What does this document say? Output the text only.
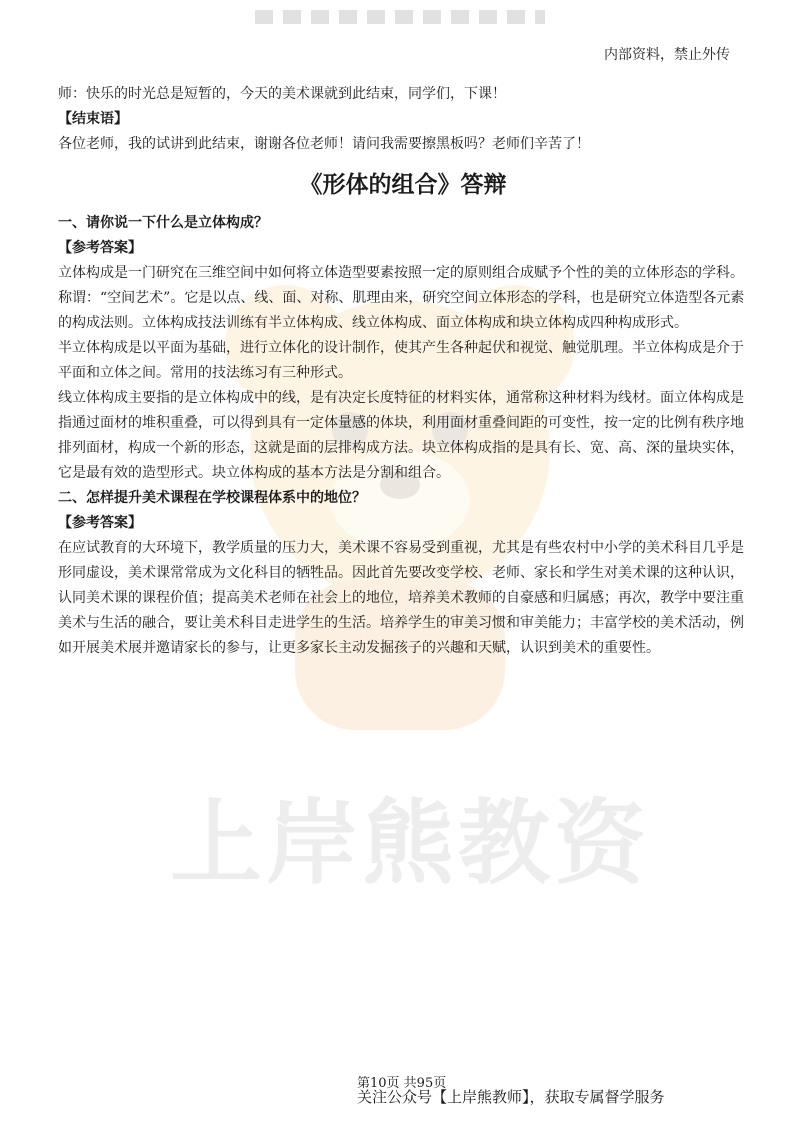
上岸熊教资
内部资料，禁止外传

师：快乐的时光总是短暂的，今天的美术课就到此结束，同学们，下课！

【结束语】

各位老师，我的试讲到此结束，谢谢各位老师！请问我需要擦黑板吗？老师们辛苦了！

《形体的组合》答辩

一、请你说一下什么是立体构成？

【参考答案】

立体构成是一门研究在三维空间中如何将立体造型要素按照一定的原则组合成赋予个性的美的立体形态的学科。称谓：“空间艺术”。它是以点、线、面、对称、肌理由来，研究空间立体形态的学科，也是研究立体造型各元素的构成法则。立体构成技法训练有半立体构成、线立体构成、面立体构成和块立体构成四种构成形式。

半立体构成是以平面为基础，进行立体化的设计制作，使其产生各种起伏和视觉、触觉肌理。半立体构成是介于平面和立体之间。常用的技法练习有三种形式。

线立体构成主要指的是立体构成中的线，是有决定长度特征的材料实体，通常称这种材料为线材。面立体构成是指通过面材的堆积重叠，可以得到具有一定体量感的体块，利用面材重叠间距的可变性，按一定的比例有秩序地排列面材，构成一个新的形态，这就是面的层排构成方法。块立体构成指的是具有长、宽、高、深的量块实体，它是最有效的造型形式。块立体构成的基本方法是分割和组合。

二、怎样提升美术课程在学校课程体系中的地位？

【参考答案】

在应试教育的大环境下，教学质量的压力大，美术课不容易受到重视，尤其是有些农村中小学的美术科目几乎是形同虚设，美术课常常成为文化科目的牺牲品。因此首先要改变学校、老师、家长和学生对美术课的这种认识，认同美术课的课程价值；提高美术老师在社会上的地位，培养美术教师的自豪感和归属感；再次，教学中要注重美术与生活的融合，要让美术科目走进学生的生活。培养学生的审美习惯和审美能力；丰富学校的美术活动，例如开展美术展并邀请家长的参与，让更多家长主动发掘孩子的兴趣和天赋，认识到美术的重要性。

第10页 共95页
关注公众号【上岸熊教师】，获取专属督学服务
